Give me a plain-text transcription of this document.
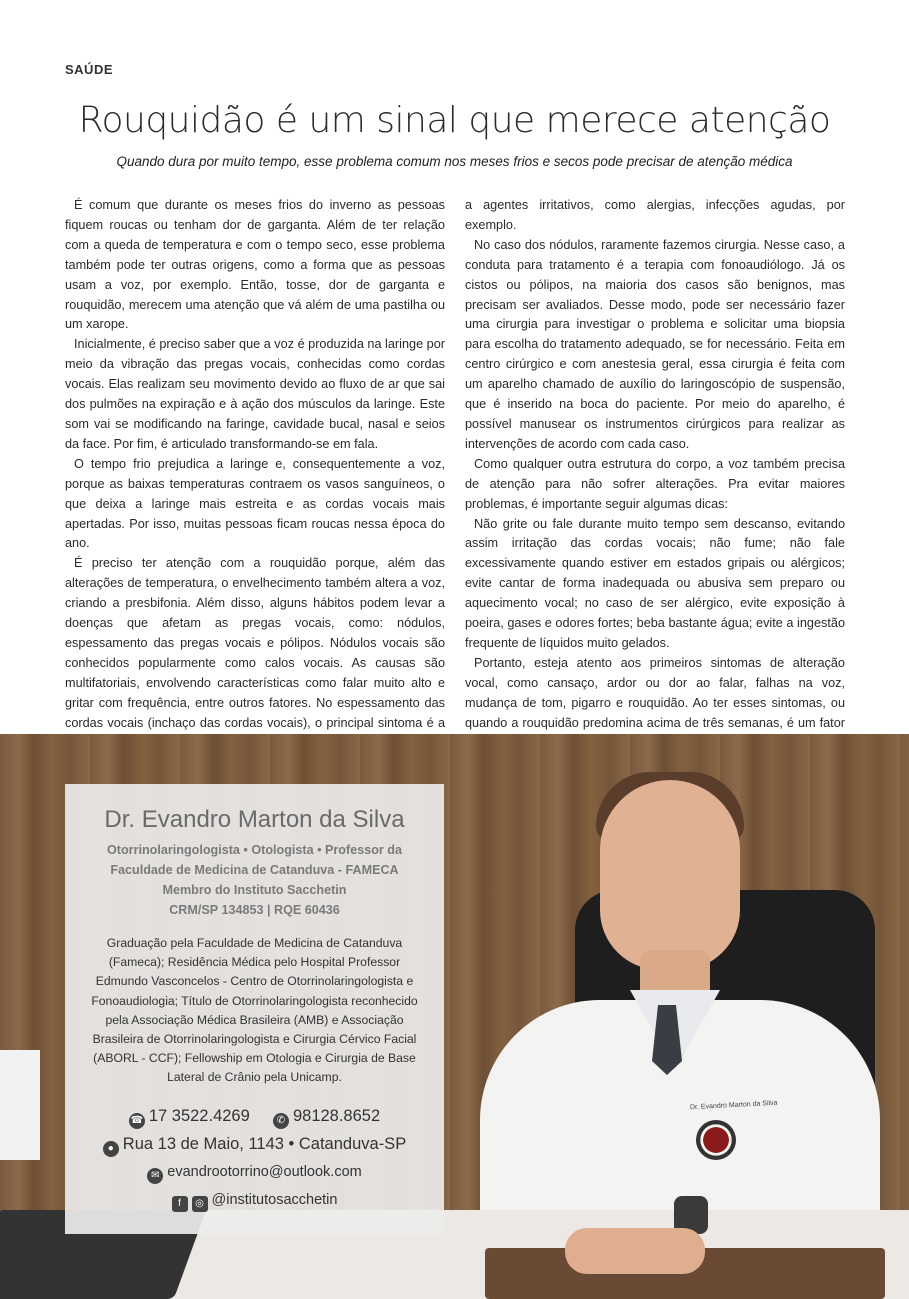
SAÚDE
Rouquidão é um sinal que merece atenção
Quando dura por muito tempo, esse problema comum nos meses frios e secos pode precisar de atenção médica

É comum que durante os meses frios do inverno as pessoas fiquem roucas ou tenham dor de garganta. Além de ter relação com a queda de temperatura e com o tempo seco, esse problema também pode ter outras origens, como a forma que as pessoas usam a voz, por exemplo. Então, tosse, dor de garganta e rouquidão, merecem uma atenção que vá além de uma pastilha ou um xarope.

Inicialmente, é preciso saber que a voz é produzida na laringe por meio da vibração das pregas vocais, conhecidas como cordas vocais. Elas realizam seu movimento devido ao fluxo de ar que sai dos pulmões na expiração e à ação dos músculos da laringe. Este som vai se modificando na faringe, cavidade bucal, nasal e seios da face. Por fim, é articulado transformando-se em fala.

O tempo frio prejudica a laringe e, consequentemente a voz, porque as baixas temperaturas contraem os vasos sanguíneos, o que deixa a laringe mais estreita e as cordas vocais mais apertadas. Por isso, muitas pessoas ficam roucas nessa época do ano.

É preciso ter atenção com a rouquidão porque, além das alterações de temperatura, o envelhecimento também altera a voz, criando a presbifonia. Além disso, alguns hábitos podem levar a doenças que afetam as pregas vocais, como: nódulos, espessamento das pregas vocais e pólipos. Nódulos vocais são conhecidos popularmente como calos vocais. As causas são multifatoriais, envolvendo características como falar muito alto e gritar com frequência, entre outros fatores. No espessamento das cordas vocais (inchaço das cordas vocais), o principal sintoma é a

a agentes irritativos, como alergias, infecções agudas, por exemplo.

No caso dos nódulos, raramente fazemos cirurgia. Nesse caso, a conduta para tratamento é a terapia com fonoaudiólogo. Já os cistos ou pólipos, na maioria dos casos são benignos, mas precisam ser avaliados. Desse modo, pode ser necessário fazer uma cirurgia para investigar o problema e solicitar uma biopsia para escolha do tratamento adequado, se for necessário. Feita em centro cirúrgico e com anestesia geral, essa cirurgia é feita com um aparelho chamado de auxílio do laringoscópio de suspensão, que é inserido na boca do paciente. Por meio do aparelho, é possível manusear os instrumentos cirúrgicos para realizar as intervenções de acordo com cada caso.

Como qualquer outra estrutura do corpo, a voz também precisa de atenção para não sofrer alterações. Pra evitar maiores problemas, é importante seguir algumas dicas:

Não grite ou fale durante muito tempo sem descanso, evitando assim irritação das cordas vocais; não fume; não fale excessivamente quando estiver em estados gripais ou alérgicos; evite cantar de forma inadequada ou abusiva sem preparo ou aquecimento vocal; no caso de ser alérgico, evite exposição à poeira, gases e odores fortes; beba bastante água; evite a ingestão frequente de líquidos muito gelados.

Portanto, esteja atento aos primeiros sintomas de alteração vocal, como cansaço, ardor ou dor ao falar, falhas na voz, mudança de tom, pigarro e rouquidão. Ao ter esses sintomas, ou quando a rouquidão predomina acima de três semanas, é um fator

Dr. Evandro Marton da Silva
Dr. Evandro Marton da Silva
Otorrinolaringologista • Otologista • Professor da
Faculdade de Medicina de Catanduva - FAMECA
Membro do Instituto Sacchetin
CRM/SP 134853 | RQE 60436
Graduação pela Faculdade de Medicina de Catanduva (Fameca); Residência Médica pelo Hospital Professor Edmundo Vasconcelos - Centro de Otorrinolaringologista e Fonoaudiologia; Título de Otorrinolaringologista reconhecido pela Associação Médica Brasileira (AMB) e Associação Brasileira de Otorrinolaringologista e Cirurgia Cérvico Facial (ABORL - CCF); Fellowship em Otologia e Cirurgia de Base Lateral de Crânio pela Unicamp.
☎ 17 3522.4269	✆ 98128.8652
● Rua 13 de Maio, 1143 • Catanduva-SP
✉ evandrootorrino@outlook.com
f ◎ @institutosacchetin
